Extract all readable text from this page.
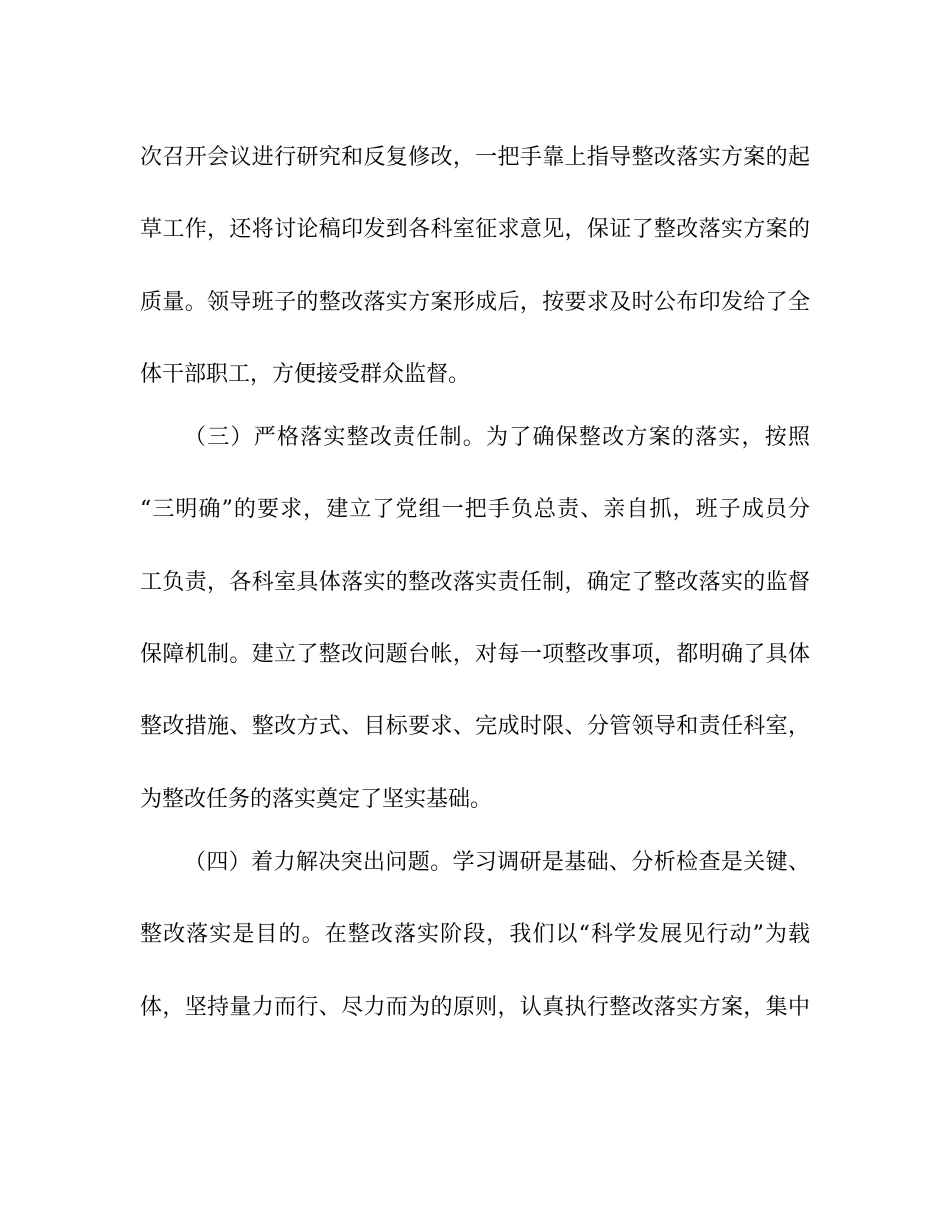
次召开会议进行研究和反复修改，一把手靠上指导整改落实方案的起
草工作，还将讨论稿印发到各科室征求意见，保证了整改落实方案的
质量。领导班子的整改落实方案形成后，按要求及时公布印发给了全
体干部职工，方便接受群众监督。
（三）严格落实整改责任制。为了确保整改方案的落实，按照
“三明确”的要求，建立了党组一把手负总责、亲自抓，班子成员分
工负责，各科室具体落实的整改落实责任制，确定了整改落实的监督
保障机制。建立了整改问题台帐，对每一项整改事项，都明确了具体
整改措施、整改方式、目标要求、完成时限、分管领导和责任科室，
为整改任务的落实奠定了坚实基础。
（四）着力解决突出问题。学习调研是基础、分析检查是关键、
整改落实是目的。在整改落实阶段，我们以“科学发展见行动”为载
体，坚持量力而行、尽力而为的原则，认真执行整改落实方案，集中
